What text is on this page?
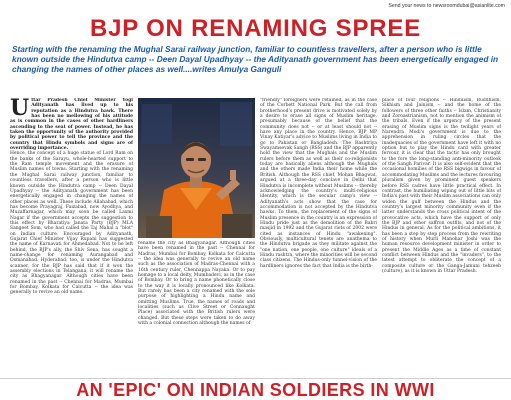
Send your news to newsroomdubai@asianlite.com
BJP ON RENAMING SPREE

Starting with the renaming the Mughal Sarai railway junction, familiar to countless travellers, after a person who is little known outside the Hindutva camp -- Deen Dayal Upadhyay -- the Adityanath government has been energetically engaged in changing the names of other places as well....writes Amulya Ganguli

U ttar Pradesh Chief Minister Yogi Adityanath has lived up to his reputation as a Hindutva hawk. There has been no mellowing of his attitude as is common in the cases of other hardliners ascending to the seat of power. Instead, he has taken the opportunity of the authority provided by political power to tell the province and the country that Hindu symbols and signs are of overriding importance.

Hence, the concept of a huge statue of Lord Ram on the banks of the Sarayu, whole-hearted support to the Ram temple movement and the erasure of Muslim names of towns. Starting with the renaming the Mughal Sarai railway junction, familiar to countless travellers, after a person who is little known outside the Hindutva camp -- Deen Dayal Upadhyay -- the Adityanath government has been energetically engaged in changing the names of other places as well. These include Allahabad, which has become Prayagraj, Faizabad, now Ayodhya, and Muzaffarnagar, which may soon be called Laxmi Nagar if the government accepts the suggestion to this effect by Bharatiya Janata Party (BJP) MLA Sangeet Som, who had called the Taj Mahal a "blot" on Indian culture. Encouraged by Adityanath, Gujarat Chief Minister Vijay Rupani has suggested the name of Karnavati for Ahmedabad. Not to be left behind, the BJP's ally, the Shiv Sena, has sought a name-change for renaming Aurangabad and Osmanabad. Hyderabad, too, is under the Hindutva scanner, for the BJP has said that if it won the assembly elections in Telangana, it will rename the city as Bhagyanagar. Although cities have been renamed in the past -- Chennai for Madras, Mumbai for Bombay, Kolkata for Calcutta -- the idea was generally to revive an old name.

rename the city as Bhagyanagar. Although cities have been renamed in the past -- Chennai for Madras, Mumbai for Bombay, Kolkata for Calcutta -- the idea was generally to revive an old name such as the association of Madras-Chennai with a 16th century ruler, Chennappa Nayaka. Or to pay homage to a local deity, Mumbadevi, as in the case of Bombay. Or to bring a name phonetically close to the way it is locally pronounced like Kolkata. But rarely has been a city renamed with the sole purpose of highlighting a Hindu name and omitting Muslims. True, the names of roads and localities (such as Clive Street or Connaught Place) associated with the British rulers were changed. But these steps were taken to do away with a colonial connection although the names of
"friendly" foreigners were retained, as in the case of the Corbett National Park. But the call from brotherhood's present drive is motivated solely by a desire to erase all signs of Muslim heritage, presumably because of the belief that the community does not -- or at least should not -- have any place in the country. Hence, BJP MP Vinay Katiyar's advice to Muslims living in India to go to Pakistan or Bangladesh. The Rashtriya Swayamsevak Sangh (RSS) and the BJP apparently hold the view that the Mughals and the Muslim rulers before them as well as their co-religionists today are basically aliens although the Mughals and the others made India their home while the British. Although the RSS chief, Mohan Bhagwat, argued at a three-day conclave in Delhi that Hindutva is incomplete without Muslims -- thereby acknowledging the country's multi-religious identity, which is the secular camp's view -- Adityanath's acts show that the case for accommodation is not accepted by the Hindutva hawks. To them, the replacement of the signs of Muslim presence in the country is an expression of Hindu pride just as the demolition of the Babri masjid in 1992 and the Gujarat riots of 2002 were cited as instances of Hindu "awakening". Obviously, multicultural tenets are anathema to the Hindutva brigade as they militate against the "one nation, one people, one culture" ideals of a Hindu rashtra, where the minorities will be second class citizens. The Hindus-only tunnel-vision of the hardliners ignores the fact that India is the birth-
place of four religions -- Hinduism, Buddhism, Sikhism and Jainism -- and the home of the followers of three other faiths -- Islam, Christianity and Zoroastrianism, not to mention the animism of the tribals. Even if the urgency of the present erasing of Muslim signs is the twilight years of Narendra Modi's government is due to the apprehension in ruling circles that the inadequacies of the government have left it with no option but to play the Hindu card with greater fervour, it is clear that the tactic has only brought to the fore the long-standing anti-minority outlook of the Sangh Parivar. It is also self-evident that the occasional homilies of the RSS bigwigs in favour of accommodating Muslims and the lectures favouring pluralism given by prominent guest speakers before RSS cadres have little practical effect. In contrast, the humiliating wiping out of little bits of India's past with their Muslim associations can only widen the gulf between the Hindus and the country's largest minority community even if the latter understands the cross political intent of the provocative acts, which have the support of only the BJP and other saffron outfits, and not of the Hindus in general. As for the political ambitions, it has been a step by step process from the rewriting of history when Murli Manohar Joshi was the human resource development minister in order to present the Middle Ages as a time of constant conflict between Hindus and the "invaders", to the latest attempt to obliterate the concept of a composite culture or the Ganga-Jamuni tehzeeb (culture), as it is known in Uttar Pradesh.
AN 'EPIC' ON INDIAN SOLDIERS IN WWI
